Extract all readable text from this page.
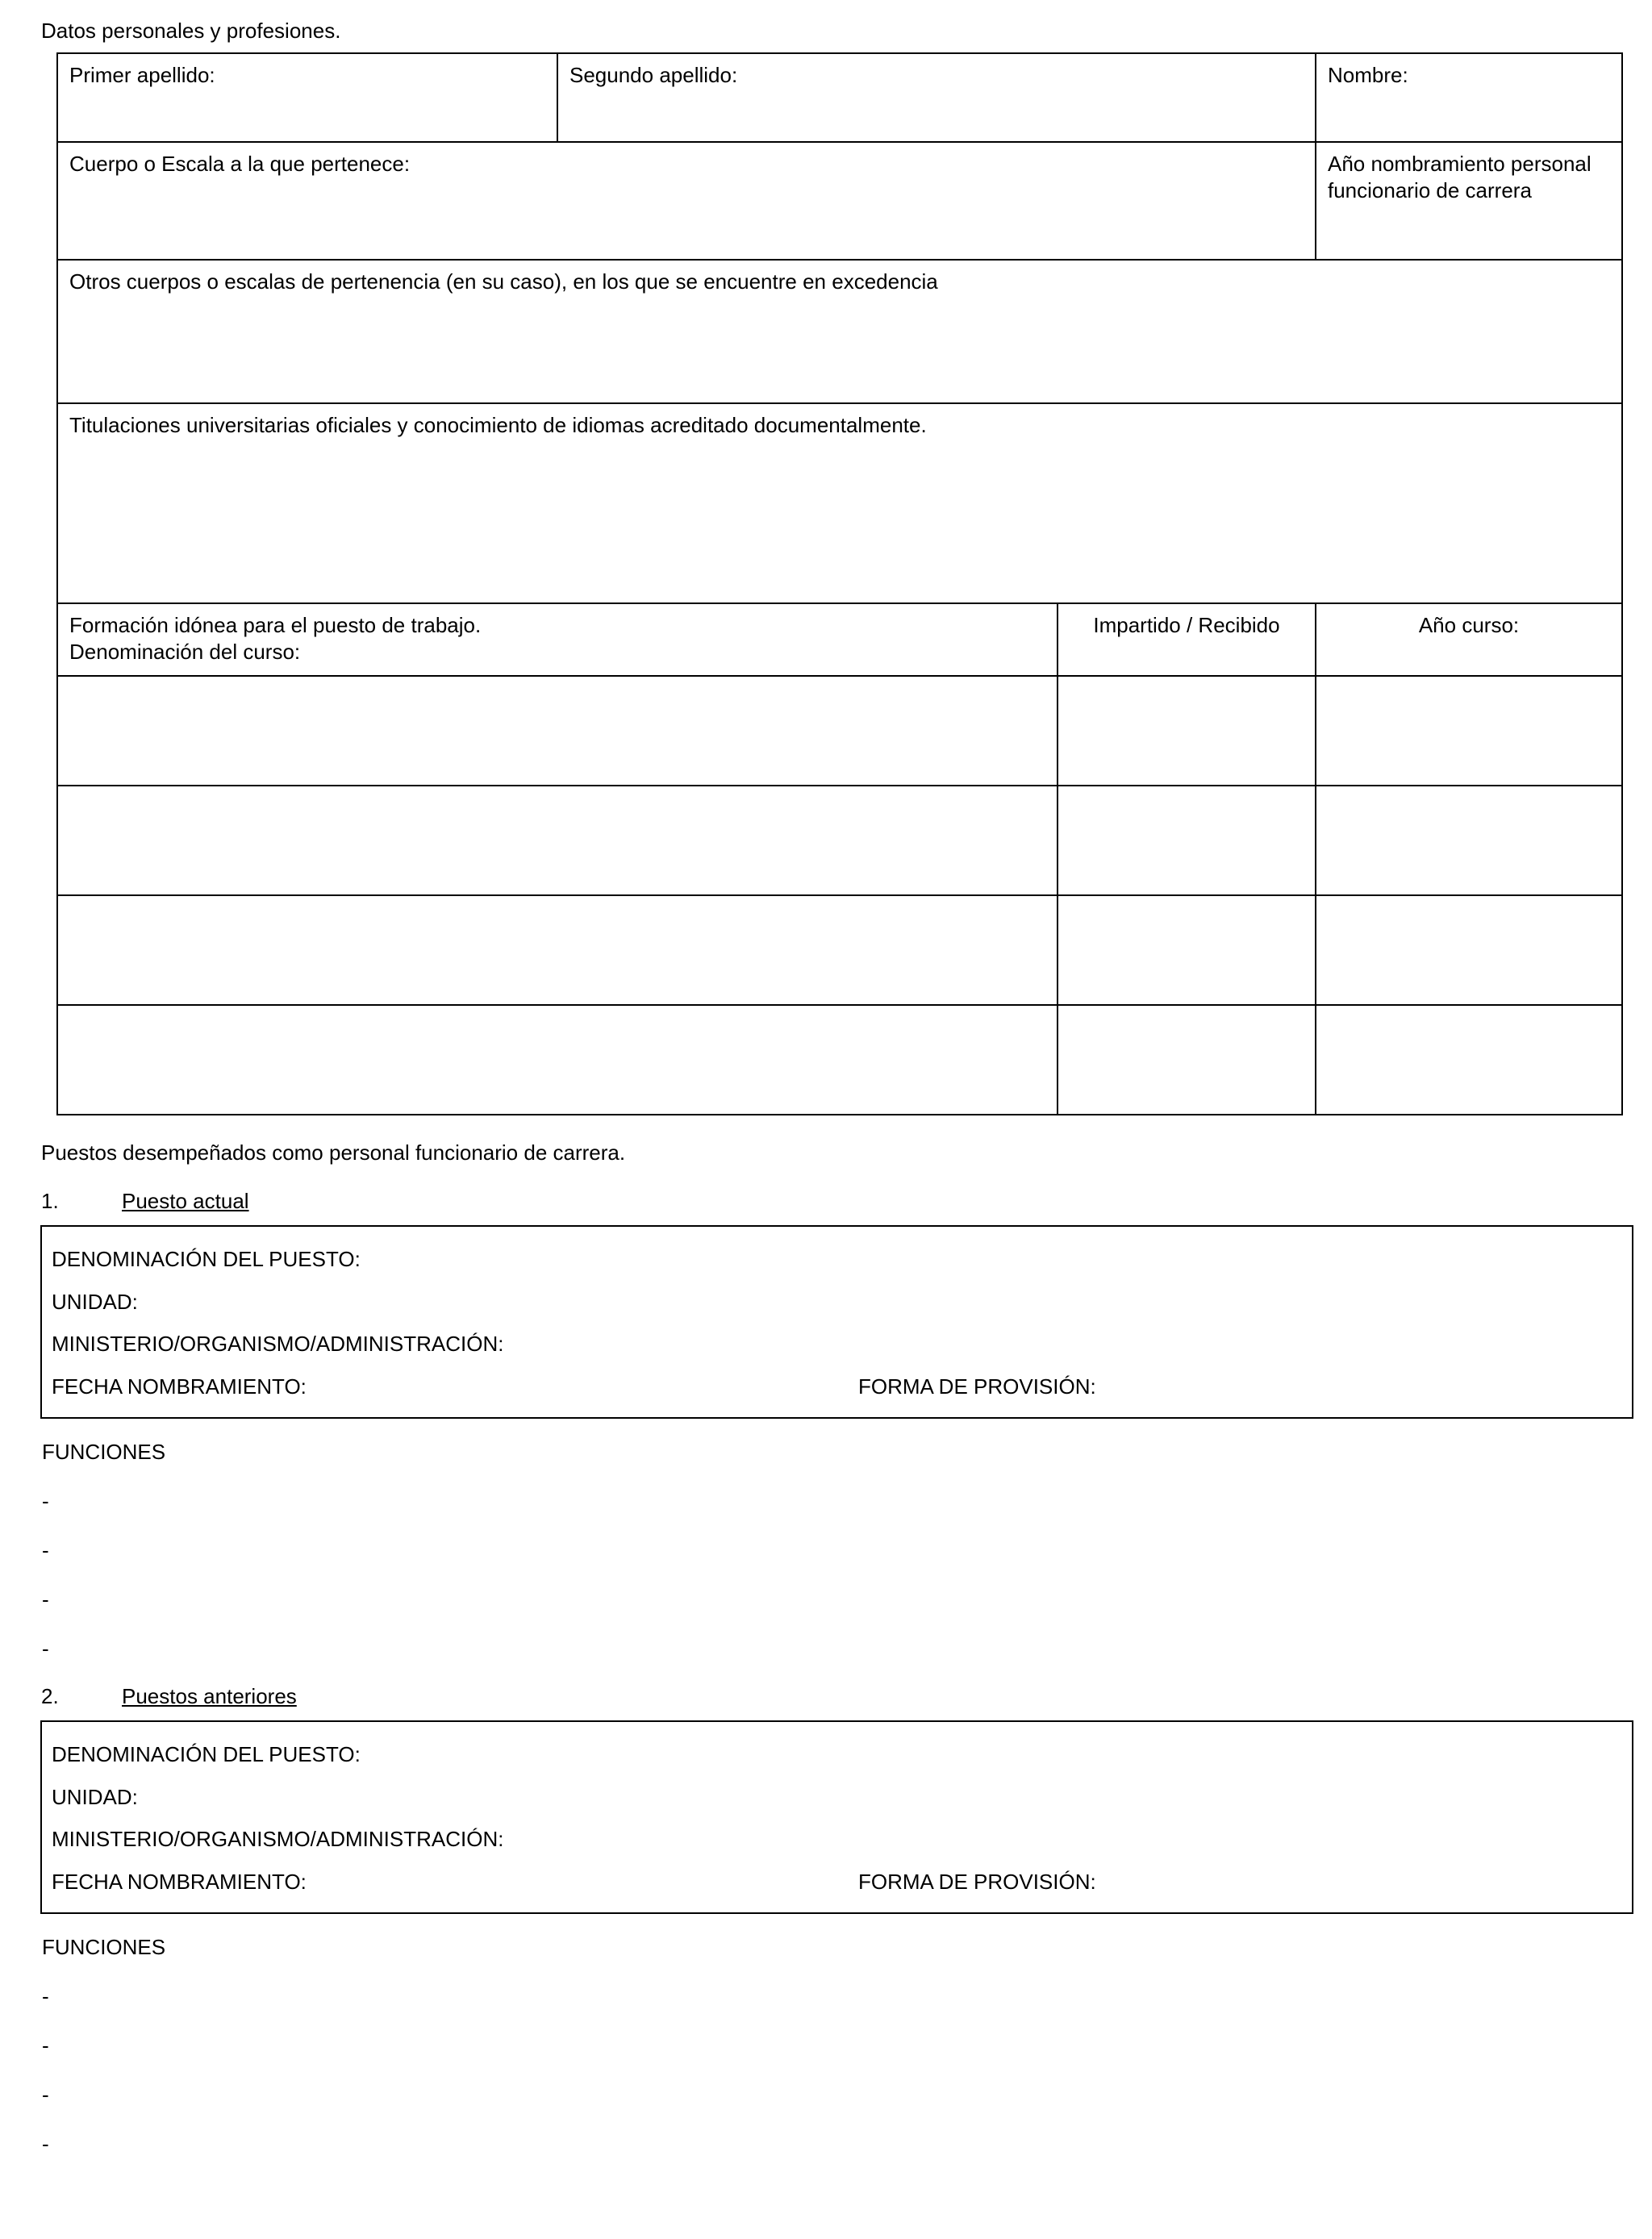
Datos personales y profesiones.
Primer apellido:	Segundo apellido:		Nombre:

Cuerpo o Escala a la que pertenece:			Año nombramiento personal funcionario de carrera

Otros cuerpos o escalas de pertenencia (en su caso), en los que se encuentre en excedencia			

Titulaciones universitarias oficiales y conocimiento de idiomas acreditado documentalmente.			

Formación idónea para el puesto de trabajo.
Denominación del curso:		Impartido / Recibido	Año curso:

Puestos desempeñados como personal funcionario de carrera.
1.	Puesto actual
DENOMINACIÓN DEL PUESTO:
UNIDAD:
MINISTERIO/ORGANISMO/ADMINISTRACIÓN:
FECHA NOMBRAMIENTO:	FORMA DE PROVISIÓN:
FUNCIONES
-
-
-
-
2.	Puestos anteriores
DENOMINACIÓN DEL PUESTO:
UNIDAD:
MINISTERIO/ORGANISMO/ADMINISTRACIÓN:
FECHA NOMBRAMIENTO:	FORMA DE PROVISIÓN:
FUNCIONES
-
-
-
-
